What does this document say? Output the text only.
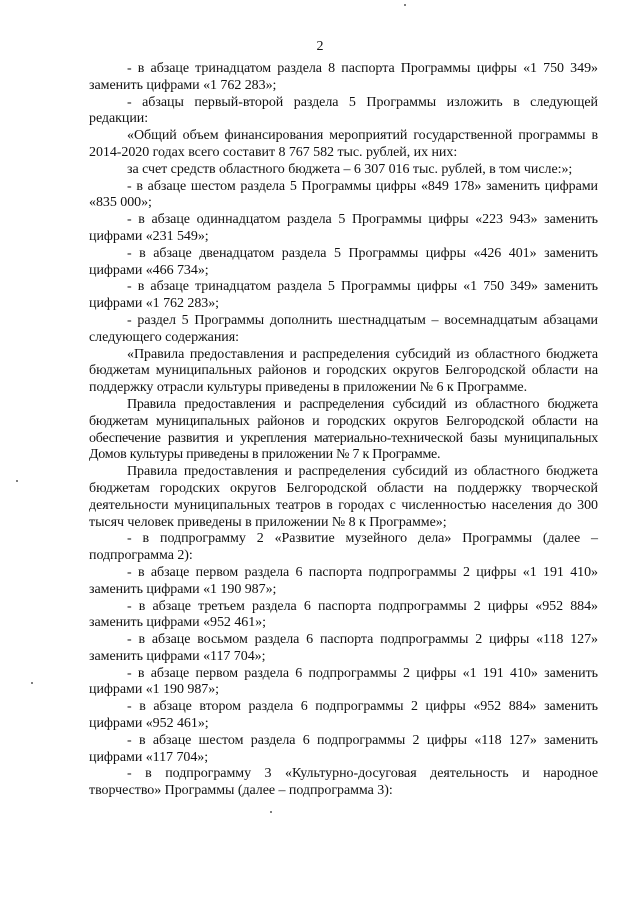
2

- в абзаце тринадцатом раздела 8 паспорта Программы цифры «1 750 349» заменить цифрами «1 762 283»;

- абзацы первый-второй раздела 5 Программы изложить в следующей редакции:

«Общий объем финансирования мероприятий государственной программы в 2014-2020 годах всего составит 8 767 582 тыс. рублей, их них:

за счет средств областного бюджета – 6 307 016 тыс. рублей, в том числе:»;

- в абзаце шестом раздела 5 Программы цифры «849 178» заменить цифрами «835 000»;

- в абзаце одиннадцатом раздела 5 Программы цифры «223 943» заменить цифрами «231 549»;

- в абзаце двенадцатом раздела 5 Программы цифры «426 401» заменить цифрами «466 734»;

- в абзаце тринадцатом раздела 5 Программы цифры «1 750 349» заменить цифрами «1 762 283»;

- раздел 5 Программы дополнить шестнадцатым – восемнадцатым абзацами следующего содержания:

«Правила предоставления и распределения субсидий из областного бюджета бюджетам муниципальных районов и городских округов Белгородской области на поддержку отрасли культуры приведены в приложении № 6 к Программе.

Правила предоставления и распределения субсидий из областного бюджета бюджетам муниципальных районов и городских округов Белгородской области на обеспечение развития и укрепления материально-технической базы муниципальных Домов культуры приведены в приложении № 7 к Программе.

Правила предоставления и распределения субсидий из областного бюджета бюджетам городских округов Белгородской области на поддержку творческой деятельности муниципальных театров в городах с численностью населения до 300 тысяч человек приведены в приложении № 8 к Программе»;

- в подпрограмму 2 «Развитие музейного дела» Программы (далее – подпрограмма 2):

- в абзаце первом раздела 6 паспорта подпрограммы 2 цифры «1 191 410» заменить цифрами «1 190 987»;

- в абзаце третьем раздела 6 паспорта подпрограммы 2 цифры «952 884» заменить цифрами «952 461»;

- в абзаце восьмом раздела 6 паспорта подпрограммы 2 цифры «118 127» заменить цифрами «117 704»;

- в абзаце первом раздела 6 подпрограммы 2 цифры «1 191 410» заменить цифрами «1 190 987»;

- в абзаце втором раздела 6 подпрограммы 2 цифры «952 884» заменить цифрами «952 461»;

- в абзаце шестом раздела 6 подпрограммы 2 цифры «118 127» заменить цифрами «117 704»;

- в подпрограмму 3 «Культурно-досуговая деятельность и народное творчество» Программы (далее – подпрограмма 3):
